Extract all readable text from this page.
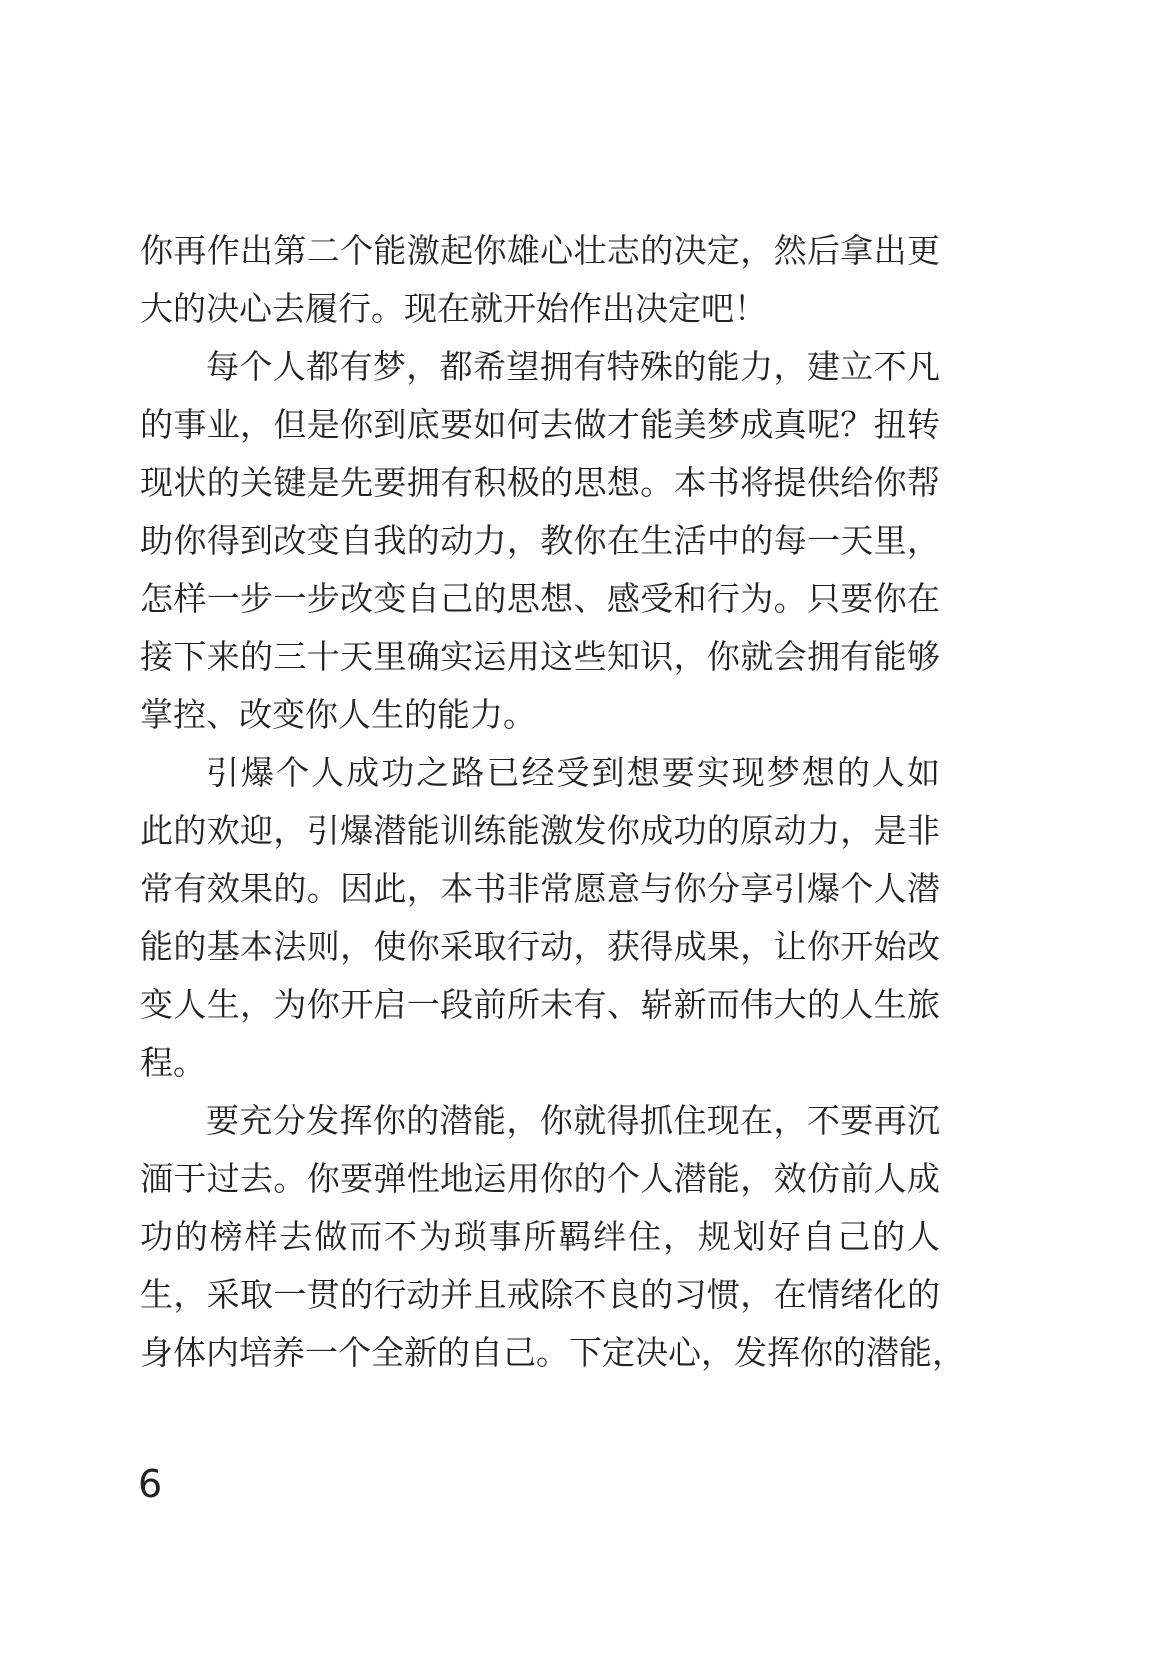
你再作出第二个能激起你雄心壮志的决定，然后拿出更
大的决心去履行。现在就开始作出决定吧！
每个人都有梦，都希望拥有特殊的能力，建立不凡
的事业，但是你到底要如何去做才能美梦成真呢？扭转
现状的关键是先要拥有积极的思想。本书将提供给你帮
助你得到改变自我的动力，教你在生活中的每一天里，
怎样一步一步改变自己的思想、感受和行为。只要你在
接下来的三十天里确实运用这些知识，你就会拥有能够
掌控、改变你人生的能力。
引爆个人成功之路已经受到想要实现梦想的人如
此的欢迎，引爆潜能训练能激发你成功的原动力，是非
常有效果的。因此，本书非常愿意与你分享引爆个人潜
能的基本法则，使你采取行动，获得成果，让你开始改
变人生，为你开启一段前所未有、崭新而伟大的人生旅
程。
要充分发挥你的潜能，你就得抓住现在，不要再沉
湎于过去。你要弹性地运用你的个人潜能，效仿前人成
功的榜样去做而不为琐事所羁绊住，规划好自己的人
生，采取一贯的行动并且戒除不良的习惯，在情绪化的
身体内培养一个全新的自己。下定决心，发挥你的潜能，
6
